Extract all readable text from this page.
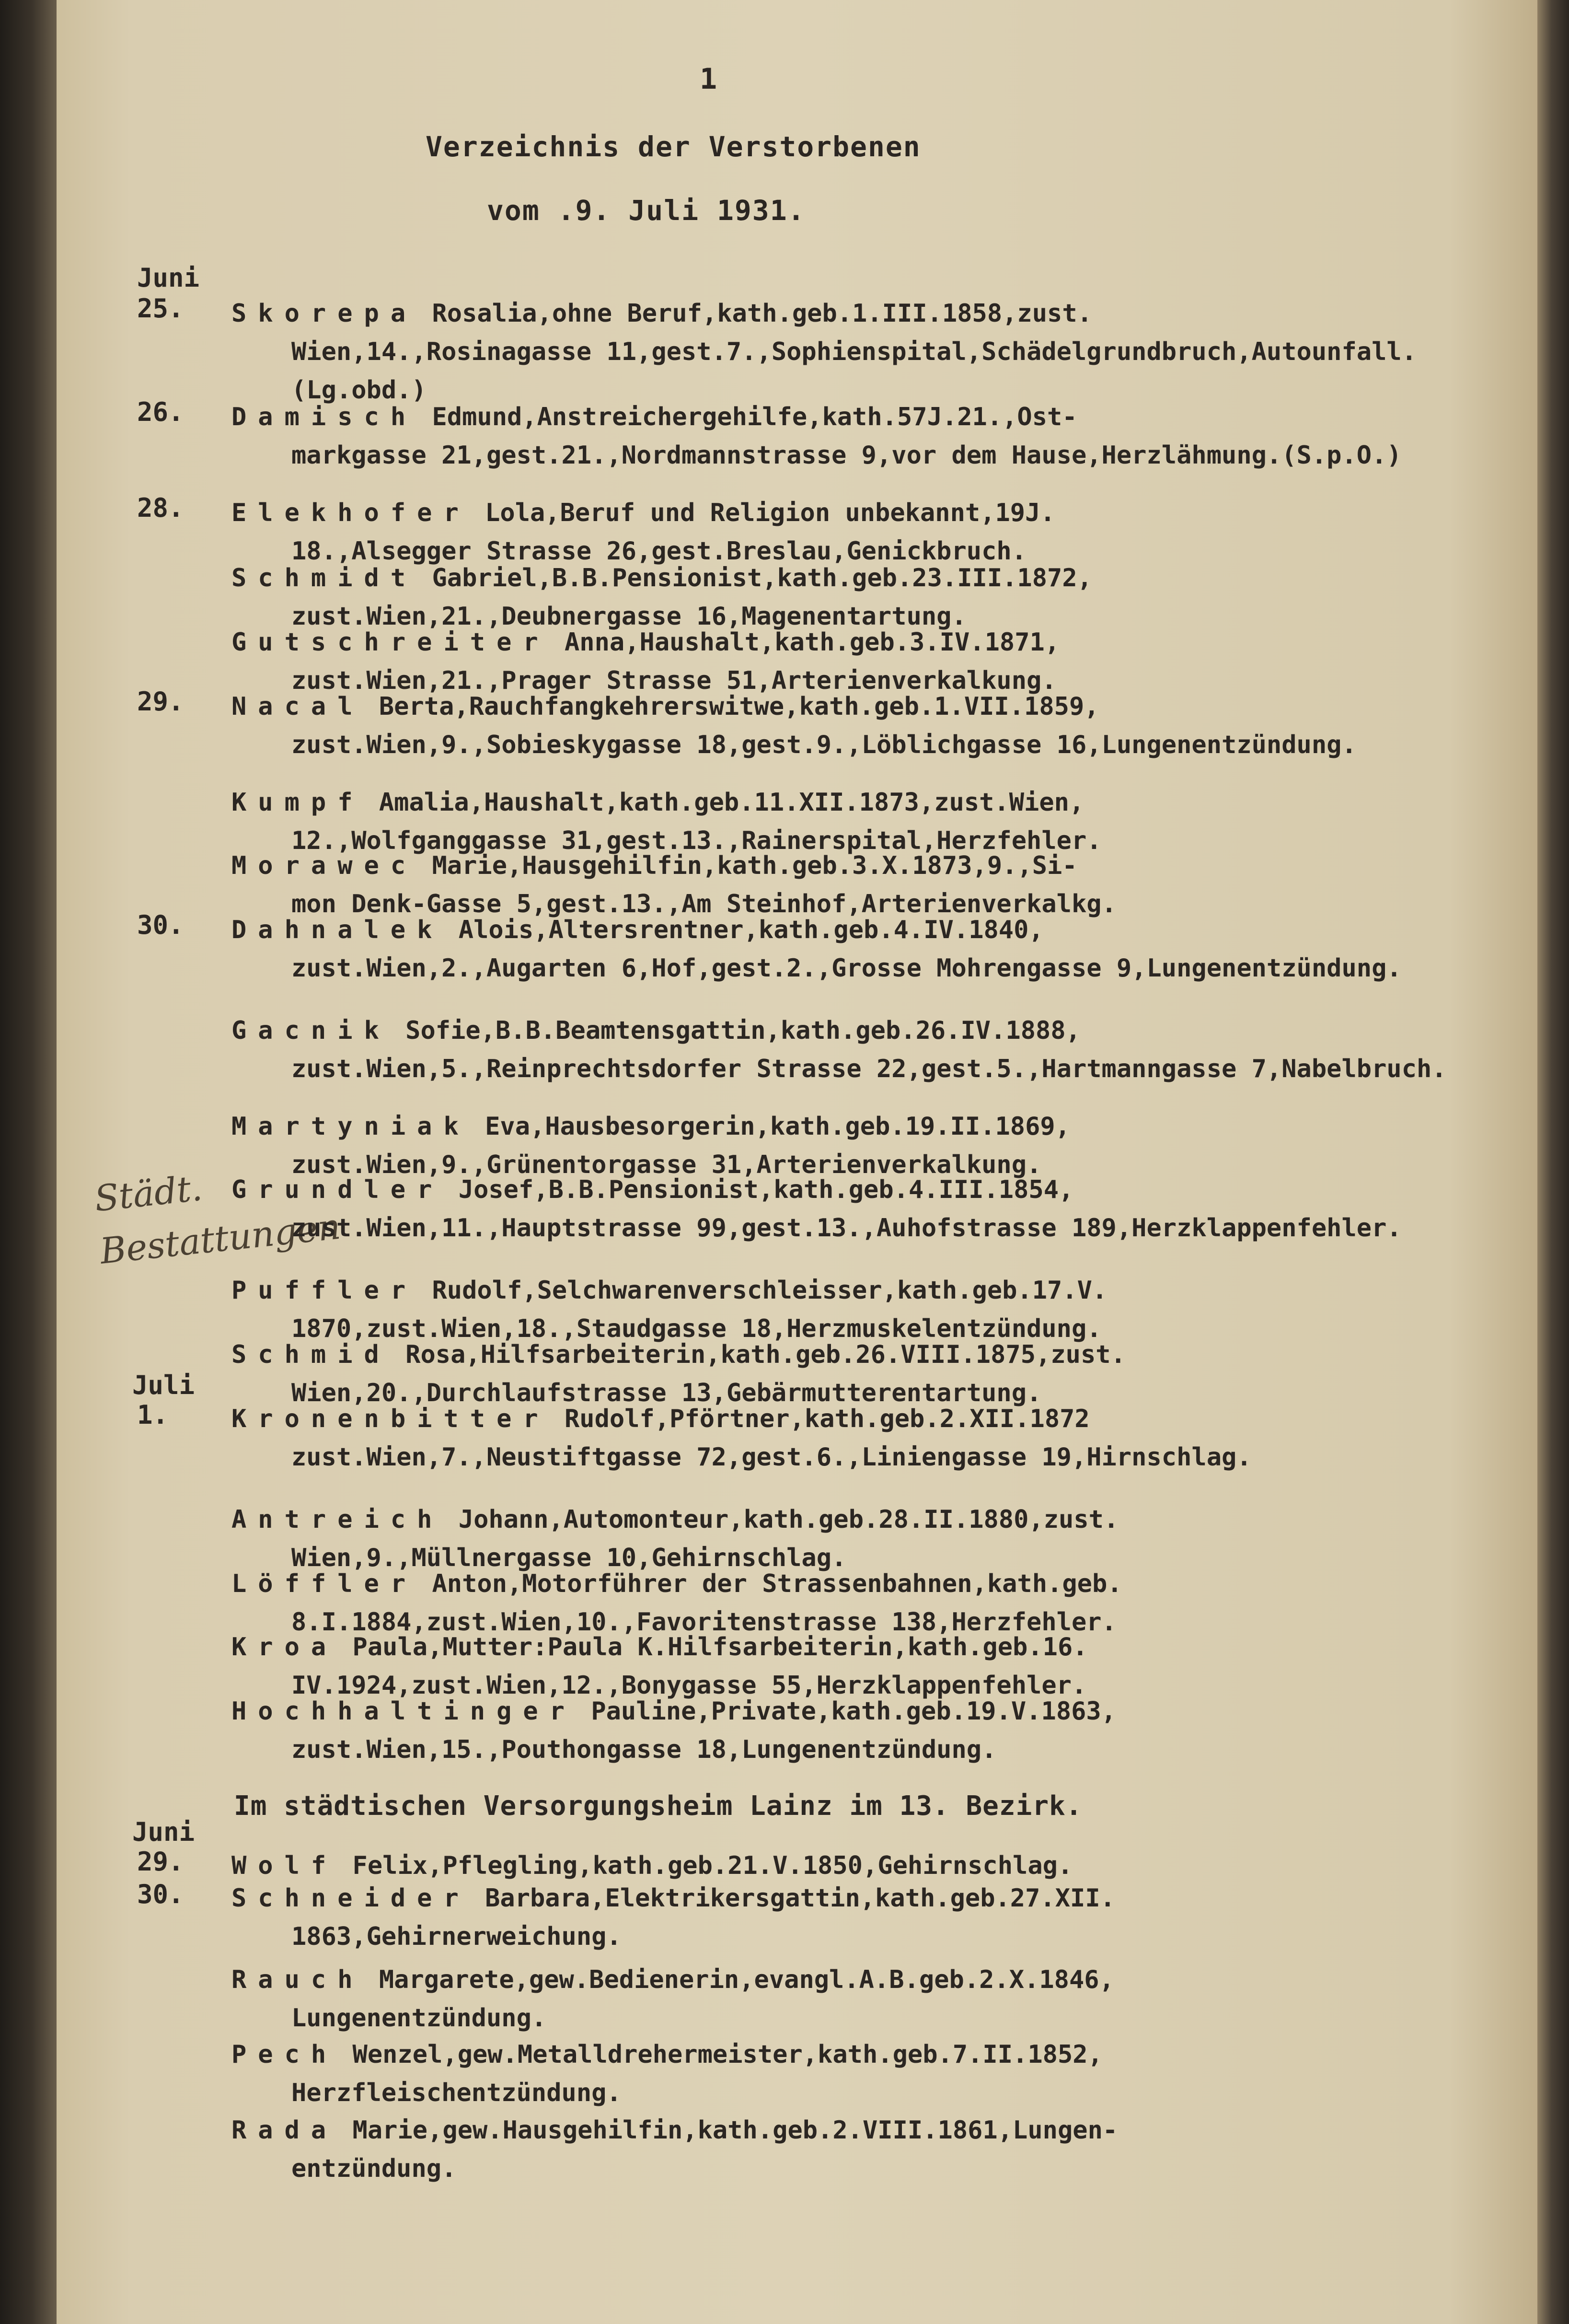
1
Verzeichnis der Verstorbenen
vom .9. Juli 1931.
Städt.
Bestattungen
Juni
25.
26.
28.
29.
30.
Juli
1.
Juni
29.
30.
Skorepa Rosalia,ohne Beruf,kath.geb.1.III.1858,zust.
Wien,14.,Rosinagasse 11,gest.7.,Sophienspital,Schädelgrundbruch,Autounfall.(Lg.obd.)
Damisch Edmund,Anstreichergehilfe,kath.57J.21.,Ost-
markgasse 21,gest.21.,Nordmannstrasse 9,vor dem Hause,Herzlähmung.(S.p.O.)
Elekhofer Lola,Beruf und Religion unbekannt,19J.
18.,Alsegger Strasse 26,gest.Breslau,Genickbruch.
Schmidt Gabriel,B.B.Pensionist,kath.geb.23.III.1872,
zust.Wien,21.,Deubnergasse 16,Magenentartung.
Gutschreiter Anna,Haushalt,kath.geb.3.IV.1871,
zust.Wien,21.,Prager Strasse 51,Arterienverkalkung.
Nacal Berta,Rauchfangkehrerswitwe,kath.geb.1.VII.1859,
zust.Wien,9.,Sobieskygasse 18,gest.9.,Löblichgasse 16,Lungenentzündung.
Kumpf Amalia,Haushalt,kath.geb.11.XII.1873,zust.Wien,
12.,Wolfganggasse 31,gest.13.,Rainerspital,Herzfehler.
Morawec Marie,Hausgehilfin,kath.geb.3.X.1873,9.,Si-
mon Denk-Gasse 5,gest.13.,Am Steinhof,Arterienverkalkg.
Dahnalek Alois,Altersrentner,kath.geb.4.IV.1840,
zust.Wien,2.,Augarten 6,Hof,gest.2.,Grosse Mohrengasse 9,Lungenentzündung.
Gacnik Sofie,B.B.Beamtensgattin,kath.geb.26.IV.1888,
zust.Wien,5.,Reinprechtsdorfer Strasse 22,gest.5.,Hartmanngasse 7,Nabelbruch.
Martyniak Eva,Hausbesorgerin,kath.geb.19.II.1869,
zust.Wien,9.,Grünentorgasse 31,Arterienverkalkung.
Grundler Josef,B.B.Pensionist,kath.geb.4.III.1854,
zust.Wien,11.,Hauptstrasse 99,gest.13.,Auhofstrasse 189,Herzklappenfehler.
Puffler Rudolf,Selchwarenverschleisser,kath.geb.17.V.
1870,zust.Wien,18.,Staudgasse 18,Herzmuskelentzündung.
Schmid Rosa,Hilfsarbeiterin,kath.geb.26.VIII.1875,zust.
Wien,20.,Durchlaufstrasse 13,Gebärmutterentartung.
Kronenbitter Rudolf,Pförtner,kath.geb.2.XII.1872
zust.Wien,7.,Neustiftgasse 72,gest.6.,Liniengasse 19,Hirnschlag.
Antreich Johann,Automonteur,kath.geb.28.II.1880,zust.
Wien,9.,Müllnergasse 10,Gehirnschlag.
Löffler Anton,Motorführer der Strassenbahnen,kath.geb.
8.I.1884,zust.Wien,10.,Favoritenstrasse 138,Herzfehler.
Kroa Paula,Mutter:Paula K.Hilfsarbeiterin,kath.geb.16.
IV.1924,zust.Wien,12.,Bonygasse 55,Herzklappenfehler.
Hochhaltinger Pauline,Private,kath.geb.19.V.1863,
zust.Wien,15.,Pouthongasse 18,Lungenentzündung.
Im städtischen Versorgungsheim Lainz im 13. Bezirk.
Wolf Felix,Pflegling,kath.geb.21.V.1850,Gehirnschlag.
Schneider Barbara,Elektrikersgattin,kath.geb.27.XII.
1863,Gehirnerweichung.
Rauch Margarete,gew.Bedienerin,evangl.A.B.geb.2.X.1846,
Lungenentzündung.
Pech Wenzel,gew.Metalldrehermeister,kath.geb.7.II.1852,
Herzfleischentzündung.
Rada Marie,gew.Hausgehilfin,kath.geb.2.VIII.1861,Lungen-
entzündung.
